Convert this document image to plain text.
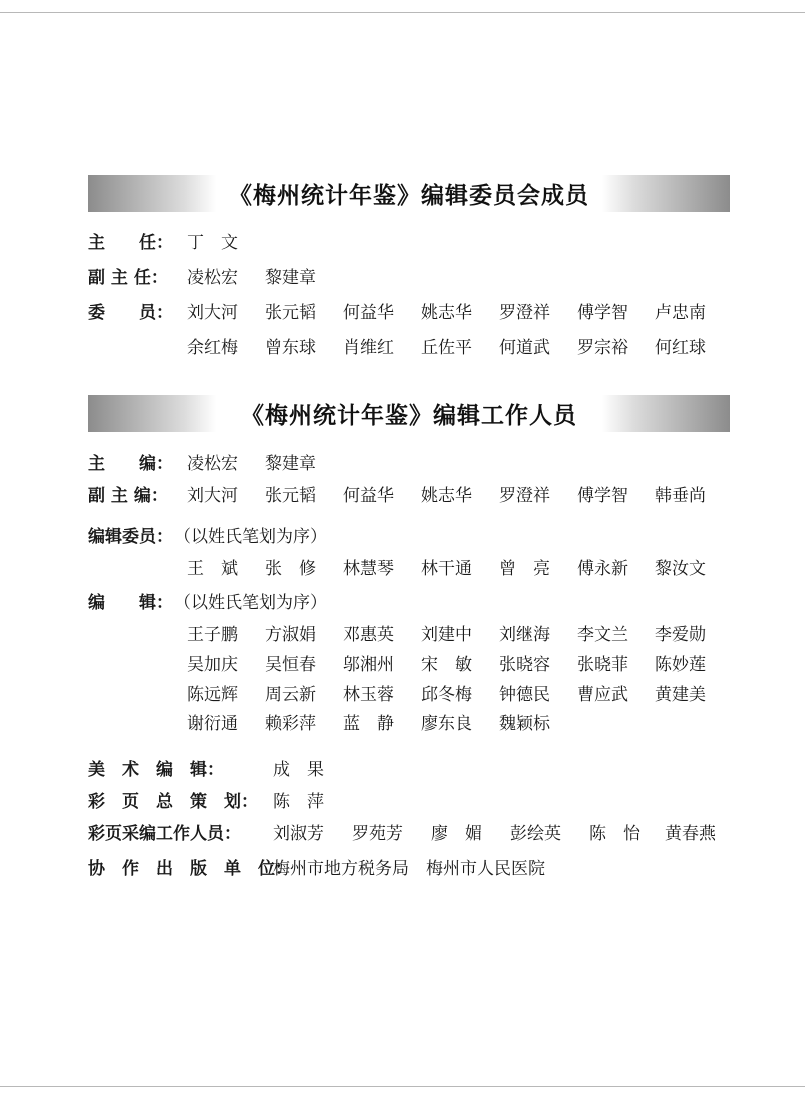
《梅州统计年鉴》编辑委员会成员
主　　任： 丁　文
副 主 任： 凌松宏 黎建章
委　　员： 刘大河 张元韬 何益华 姚志华 罗澄祥 傅学智 卢忠南
余红梅 曾东球 肖维红 丘佐平 何道武 罗宗裕 何红球
《梅州统计年鉴》编辑工作人员
主　　编： 凌松宏 黎建章
副 主 编： 刘大河 张元韬 何益华 姚志华 罗澄祥 傅学智 韩垂尚
编辑委员： （以姓氏笔划为序）
王　斌 张　修 林慧琴 林干通 曾　亮 傅永新 黎汝文
编　　辑： （以姓氏笔划为序）
王子鹏 方淑娟 邓惠英 刘建中 刘继海 李文兰 李爱勋
吴加庆 吴恒春 邬湘州 宋　敏 张晓容 张晓菲 陈妙莲
陈远辉 周云新 林玉蓉 邱冬梅 钟德民 曹应武 黄建美
谢衍通 赖彩萍 蓝　静 廖东良 魏颖标
美　术　编　辑：	成　果
彩　页　总　策　划： 陈　萍
彩页采编工作人员： 刘淑芳 罗苑芳 廖　媚 彭绘英 陈　怡 黄春燕
协　作　出　版　单　位：
梅州市地方税务局　梅州市人民医院
